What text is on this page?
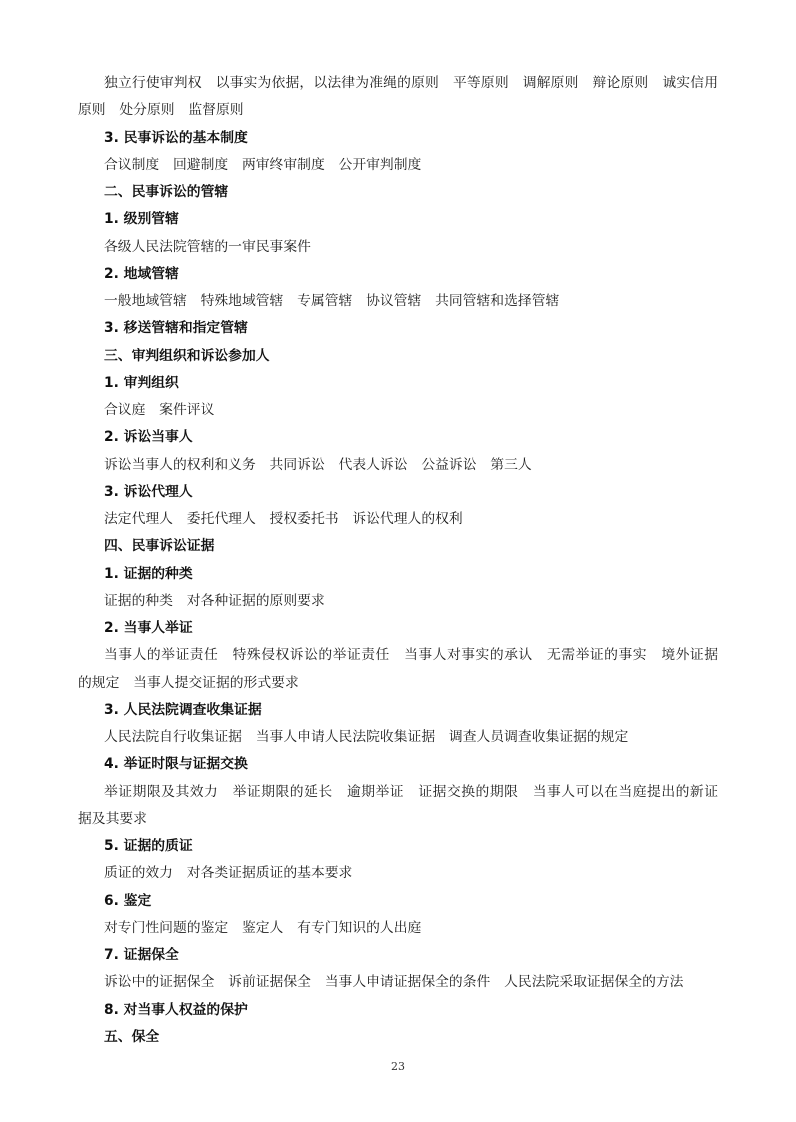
独立行使审判权　以事实为依据，以法律为准绳的原则　平等原则　调解原则　辩论原则　诚实信用
原则　处分原则　监督原则
3. 民事诉讼的基本制度
合议制度　回避制度　两审终审制度　公开审判制度
二、民事诉讼的管辖
1. 级别管辖
各级人民法院管辖的一审民事案件
2. 地域管辖
一般地域管辖　特殊地域管辖　专属管辖　协议管辖　共同管辖和选择管辖
3. 移送管辖和指定管辖
三、审判组织和诉讼参加人
1. 审判组织
合议庭　案件评议
2. 诉讼当事人
诉讼当事人的权利和义务　共同诉讼　代表人诉讼　公益诉讼　第三人
3. 诉讼代理人
法定代理人　委托代理人　授权委托书　诉讼代理人的权利
四、民事诉讼证据
1. 证据的种类
证据的种类　对各种证据的原则要求
2. 当事人举证
当事人的举证责任　特殊侵权诉讼的举证责任　当事人对事实的承认　无需举证的事实　境外证据
的规定　当事人提交证据的形式要求
3. 人民法院调查收集证据
人民法院自行收集证据　当事人申请人民法院收集证据　调查人员调查收集证据的规定
4. 举证时限与证据交换
举证期限及其效力　举证期限的延长　逾期举证　证据交换的期限　当事人可以在当庭提出的新证
据及其要求
5. 证据的质证
质证的效力　对各类证据质证的基本要求
6. 鉴定
对专门性问题的鉴定　鉴定人　有专门知识的人出庭
7. 证据保全
诉讼中的证据保全　诉前证据保全　当事人申请证据保全的条件　人民法院采取证据保全的方法
8. 对当事人权益的保护
五、保全
23
